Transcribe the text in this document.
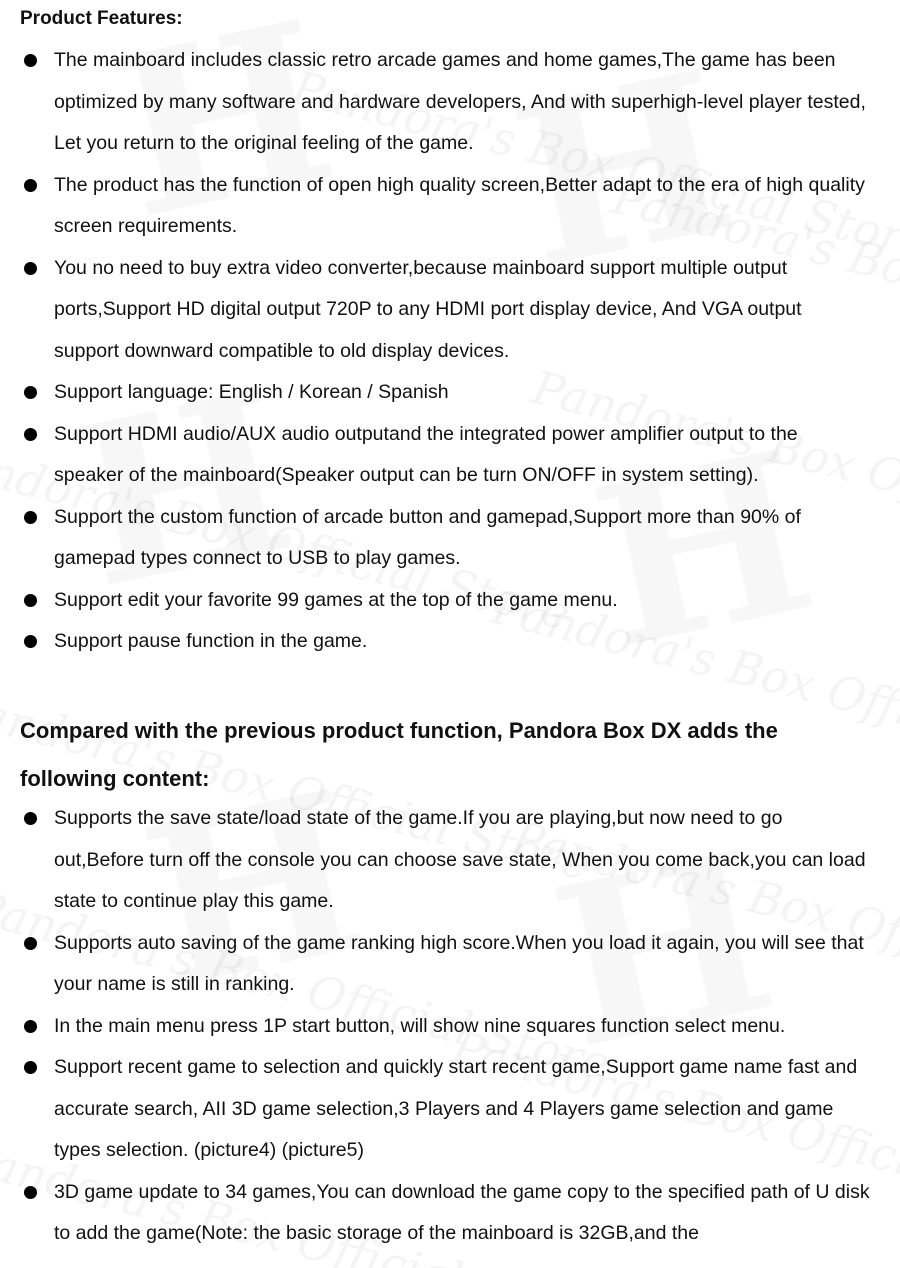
Product Features:
The mainboard includes classic retro arcade games and home games,The game has been optimized by many software and hardware developers, And with superhigh-level player tested, Let you return to the original feeling of the game.
The product has the function of open high quality screen,Better adapt to the era of high quality screen requirements.
You no need to buy extra video converter,because mainboard support multiple output ports,Support HD digital output 720P to any HDMI port display device, And VGA output support downward compatible to old display devices.
Support language: English / Korean / Spanish
Support HDMI audio/AUX audio outputand the integrated power amplifier output to the speaker of the mainboard(Speaker output can be turn ON/OFF in system setting).
Support the custom function of arcade button and gamepad,Support more than 90% of gamepad types connect to USB to play games.
Support edit your favorite 99 games at the top of the game menu.
Support pause function in the game.
Compared with the previous product function, Pandora Box DX adds the following content:
Supports the save state/load state of the game.If you are playing,but now need to go out,Before turn off the console you can choose save state, When you come back,you can load state to continue play this game.
Supports auto saving of the game ranking high score.When you load it again, you will see that your name is still in ranking.
In the main menu press 1P start button, will show nine squares function select menu.
Support recent game to selection and quickly start recent game,Support game name fast and accurate search, AII 3D game selection,3 Players and 4 Players game selection and game types selection. (picture4) (picture5)
3D game update to 34 games,You can download the game copy to the specified path of U disk to add the game(Note: the basic storage of the mainboard is 32GB,and the
